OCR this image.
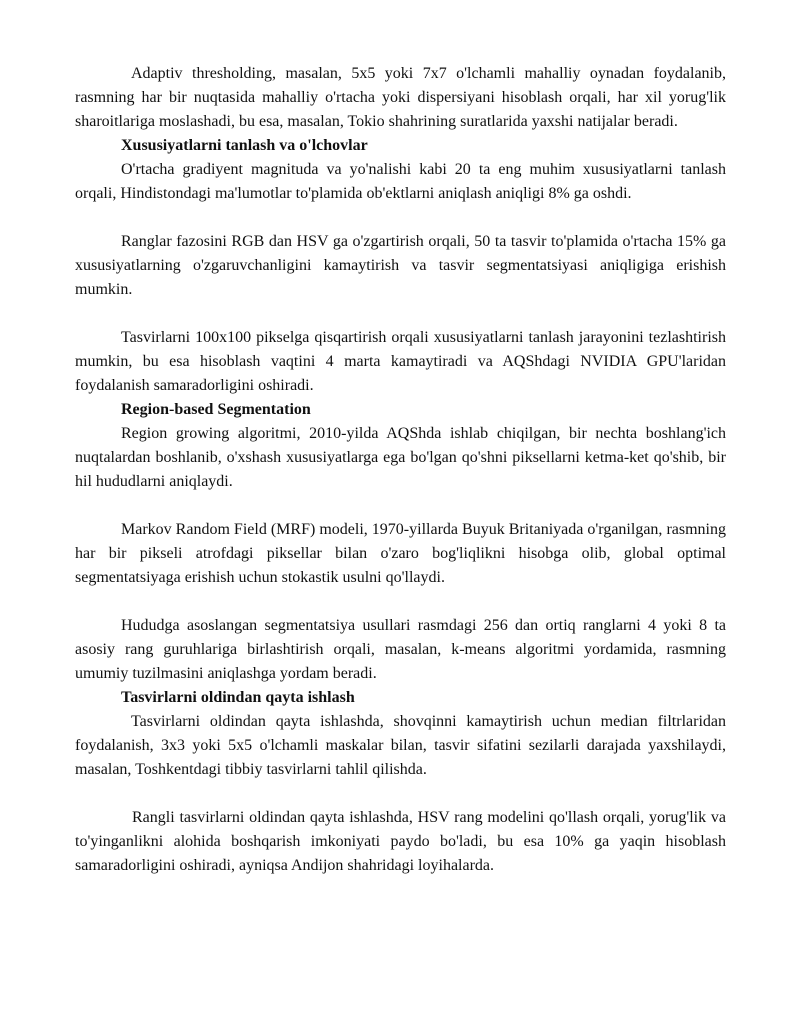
Adaptiv thresholding, masalan, 5x5 yoki 7x7 o'lchamli mahalliy oynadan foydalanib, rasmning har bir nuqtasida mahalliy o'rtacha yoki dispersiyani hisoblash orqali, har xil yorug'lik sharoitlariga moslashadi, bu esa, masalan, Tokio shahrining suratlarida yaxshi natijalar beradi.

Xususiyatlarni tanlash va o'lchovlar

O'rtacha gradiyent magnituda va yo'nalishi kabi 20 ta eng muhim xususiyatlarni tanlash orqali, Hindistondagi ma'lumotlar to'plamida ob'ektlarni aniqlash aniqligi 8% ga oshdi.

Ranglar fazosini RGB dan HSV ga o'zgartirish orqali, 50 ta tasvir to'plamida o'rtacha 15% ga xususiyatlarning o'zgaruvchanligini kamaytirish va tasvir segmentatsiyasi aniqligiga erishish mumkin.

Tasvirlarni 100x100 pikselga qisqartirish orqali xususiyatlarni tanlash jarayonini tezlashtirish mumkin, bu esa hisoblash vaqtini 4 marta kamaytiradi va AQShdagi NVIDIA GPU'laridan foydalanish samaradorligini oshiradi.

Region-based Segmentation

Region growing algoritmi, 2010-yilda AQShda ishlab chiqilgan, bir nechta boshlang'ich nuqtalardan boshlanib, o'xshash xususiyatlarga ega bo'lgan qo'shni piksellarni ketma-ket qo'shib, bir hil hududlarni aniqlaydi.

Markov Random Field (MRF) modeli, 1970-yillarda Buyuk Britaniyada o'rganilgan, rasmning har bir pikseli atrofdagi piksellar bilan o'zaro bog'liqlikni hisobga olib, global optimal segmentatsiyaga erishish uchun stokastik usulni qo'llaydi.

Hududga asoslangan segmentatsiya usullari rasmdagi 256 dan ortiq ranglarni 4 yoki 8 ta asosiy rang guruhlariga birlashtirish orqali, masalan, k-means algoritmi yordamida, rasmning umumiy tuzilmasini aniqlashga yordam beradi.

Tasvirlarni oldindan qayta ishlash

Tasvirlarni oldindan qayta ishlashda, shovqinni kamaytirish uchun median filtrlaridan foydalanish, 3x3 yoki 5x5 o'lchamli maskalar bilan, tasvir sifatini sezilarli darajada yaxshilaydi, masalan, Toshkentdagi tibbiy tasvirlarni tahlil qilishda.

Rangli tasvirlarni oldindan qayta ishlashda, HSV rang modelini qo'llash orqali, yorug'lik va to'yinganlikni alohida boshqarish imkoniyati paydo bo'ladi, bu esa 10% ga yaqin hisoblash samaradorligini oshiradi, ayniqsa Andijon shahridagi loyihalarda.
